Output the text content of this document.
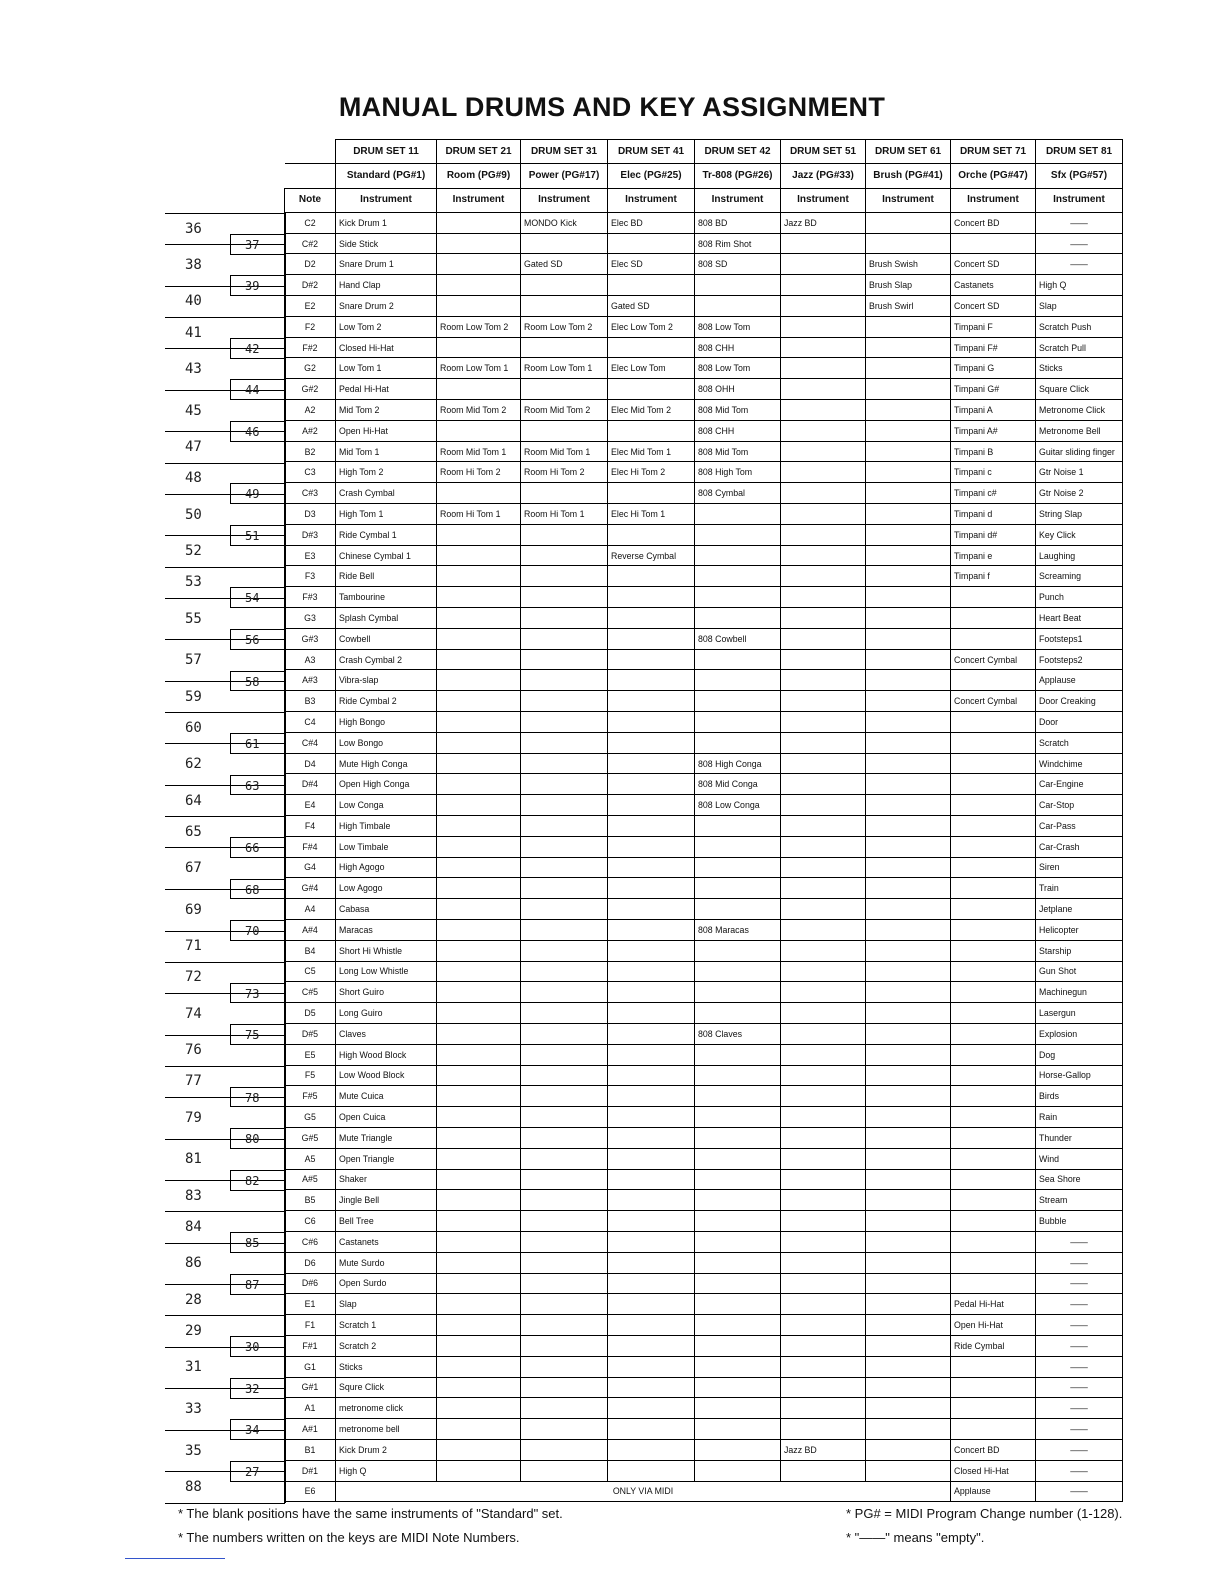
MANUAL DRUMS AND KEY ASSIGNMENT
36
37
38
39
40
41
42
43
44
45
46
47
48
49
50
51
52
53
54
55
56
57
58
59
60
61
62
63
64
65
66
67
68
69
70
71
72
73
74
75
76
77
78
79
80
81
82
83
84
85
86
87
28
29
30
31
32
33
34
35
27
88
	DRUM SET 11	DRUM SET 21	DRUM SET 31	DRUM SET 41	DRUM SET 42	DRUM SET 51	DRUM SET 61	DRUM SET 71	DRUM SET 81
	Standard (PG#1)	Room (PG#9)	Power (PG#17)	Elec (PG#25)	Tr-808 (PG#26)	Jazz (PG#33)	Brush (PG#41)	Orche (PG#47)	Sfx (PG#57)
Note	Instrument	Instrument	Instrument	Instrument	Instrument	Instrument	Instrument	Instrument	Instrument
C2	Kick Drum 1		MONDO Kick	Elec BD	808 BD	Jazz BD		Concert BD	——
C#2	Side Stick				808 Rim Shot				——
D2	Snare Drum 1		Gated SD	Elec SD	808 SD		Brush Swish	Concert SD	——
D#2	Hand Clap						Brush Slap	Castanets	High Q
E2	Snare Drum 2			Gated SD			Brush Swirl	Concert SD	Slap
F2	Low Tom 2	Room Low Tom 2	Room Low Tom 2	Elec Low Tom 2	808 Low Tom			Timpani F	Scratch Push
F#2	Closed Hi-Hat				808 CHH			Timpani F#	Scratch Pull
G2	Low Tom 1	Room Low Tom 1	Room Low Tom 1	Elec Low Tom	808 Low Tom			Timpani G	Sticks
G#2	Pedal Hi-Hat				808 OHH			Timpani G#	Square Click
A2	Mid Tom 2	Room Mid Tom 2	Room Mid Tom 2	Elec Mid Tom 2	808 Mid Tom			Timpani A	Metronome Click
A#2	Open Hi-Hat				808 CHH			Timpani A#	Metronome Bell
B2	Mid Tom 1	Room Mid Tom 1	Room Mid Tom 1	Elec Mid Tom 1	808 Mid Tom			Timpani B	Guitar sliding finger
C3	High Tom 2	Room Hi Tom 2	Room Hi Tom 2	Elec Hi Tom 2	808 High Tom			Timpani c	Gtr Noise 1
C#3	Crash Cymbal				808 Cymbal			Timpani c#	Gtr Noise 2
D3	High Tom 1	Room Hi Tom 1	Room Hi Tom 1	Elec Hi Tom 1				Timpani d	String Slap
D#3	Ride Cymbal 1							Timpani d#	Key Click
E3	Chinese Cymbal 1			Reverse Cymbal				Timpani e	Laughing
F3	Ride Bell							Timpani f	Screaming
F#3	Tambourine								Punch
G3	Splash Cymbal								Heart Beat
G#3	Cowbell				808 Cowbell				Footsteps1
A3	Crash Cymbal 2							Concert Cymbal	Footsteps2
A#3	Vibra-slap								Applause
B3	Ride Cymbal 2							Concert Cymbal	Door Creaking
C4	High Bongo								Door
C#4	Low Bongo								Scratch
D4	Mute High Conga				808 High Conga				Windchime
D#4	Open High Conga				808 Mid Conga				Car-Engine
E4	Low Conga				808 Low Conga				Car-Stop
F4	High Timbale								Car-Pass
F#4	Low Timbale								Car-Crash
G4	High Agogo								Siren
G#4	Low Agogo								Train
A4	Cabasa								Jetplane
A#4	Maracas				808 Maracas				Helicopter
B4	Short Hi Whistle								Starship
C5	Long Low Whistle								Gun Shot
C#5	Short Guiro								Machinegun
D5	Long Guiro								Lasergun
D#5	Claves				808 Claves				Explosion
E5	High Wood Block								Dog
F5	Low Wood Block								Horse-Gallop
F#5	Mute Cuica								Birds
G5	Open Cuica								Rain
G#5	Mute Triangle								Thunder
A5	Open Triangle								Wind
A#5	Shaker								Sea Shore
B5	Jingle Bell								Stream
C6	Bell Tree								Bubble
C#6	Castanets								——
D6	Mute Surdo								——
D#6	Open Surdo								——
E1	Slap							Pedal Hi-Hat	——
F1	Scratch 1							Open Hi-Hat	——
F#1	Scratch 2							Ride Cymbal	——
G1	Sticks								——
G#1	Squre Click								——
A1	metronome click								——
A#1	metronome bell								——
B1	Kick Drum 2					Jazz BD		Concert BD	——
D#1	High Q							Closed Hi-Hat	——
E6	ONLY VIA MIDI							Applause	——
* The blank positions have the same instruments of "Standard" set.
* The numbers written on the keys are MIDI Note Numbers.
* PG# = MIDI Program Change number (1-128).
* "——" means "empty".
